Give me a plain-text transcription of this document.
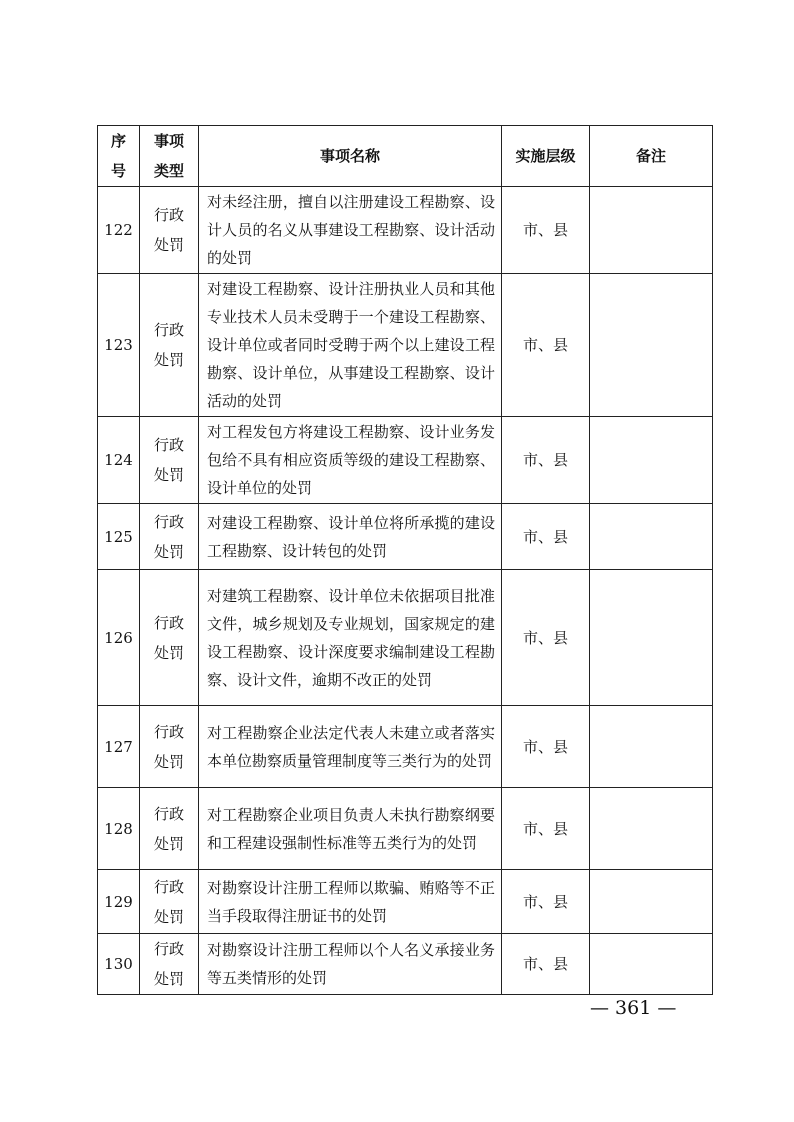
序号	事项类型	事项名称	实施层级	备注
122	行政处罚	对未经注册，擅自以注册建设工程勘察、设计人员的名义从事建设工程勘察、设计活动的处罚	市、县	
123	行政处罚	对建设工程勘察、设计注册执业人员和其他专业技术人员未受聘于一个建设工程勘察、设计单位或者同时受聘于两个以上建设工程勘察、设计单位，从事建设工程勘察、设计活动的处罚	市、县	
124	行政处罚	对工程发包方将建设工程勘察、设计业务发包给不具有相应资质等级的建设工程勘察、设计单位的处罚	市、县	
125	行政处罚	对建设工程勘察、设计单位将所承揽的建设工程勘察、设计转包的处罚	市、县	
126	行政处罚	对建筑工程勘察、设计单位未依据项目批准文件，城乡规划及专业规划，国家规定的建设工程勘察、设计深度要求编制建设工程勘察、设计文件，逾期不改正的处罚	市、县	
127	行政处罚	对工程勘察企业法定代表人未建立或者落实本单位勘察质量管理制度等三类行为的处罚	市、县	
128	行政处罚	对工程勘察企业项目负责人未执行勘察纲要和工程建设强制性标准等五类行为的处罚	市、县	
129	行政处罚	对勘察设计注册工程师以欺骗、贿赂等不正当手段取得注册证书的处罚	市、县	
130	行政处罚	对勘察设计注册工程师以个人名义承接业务等五类情形的处罚	市、县	
— 361 —
